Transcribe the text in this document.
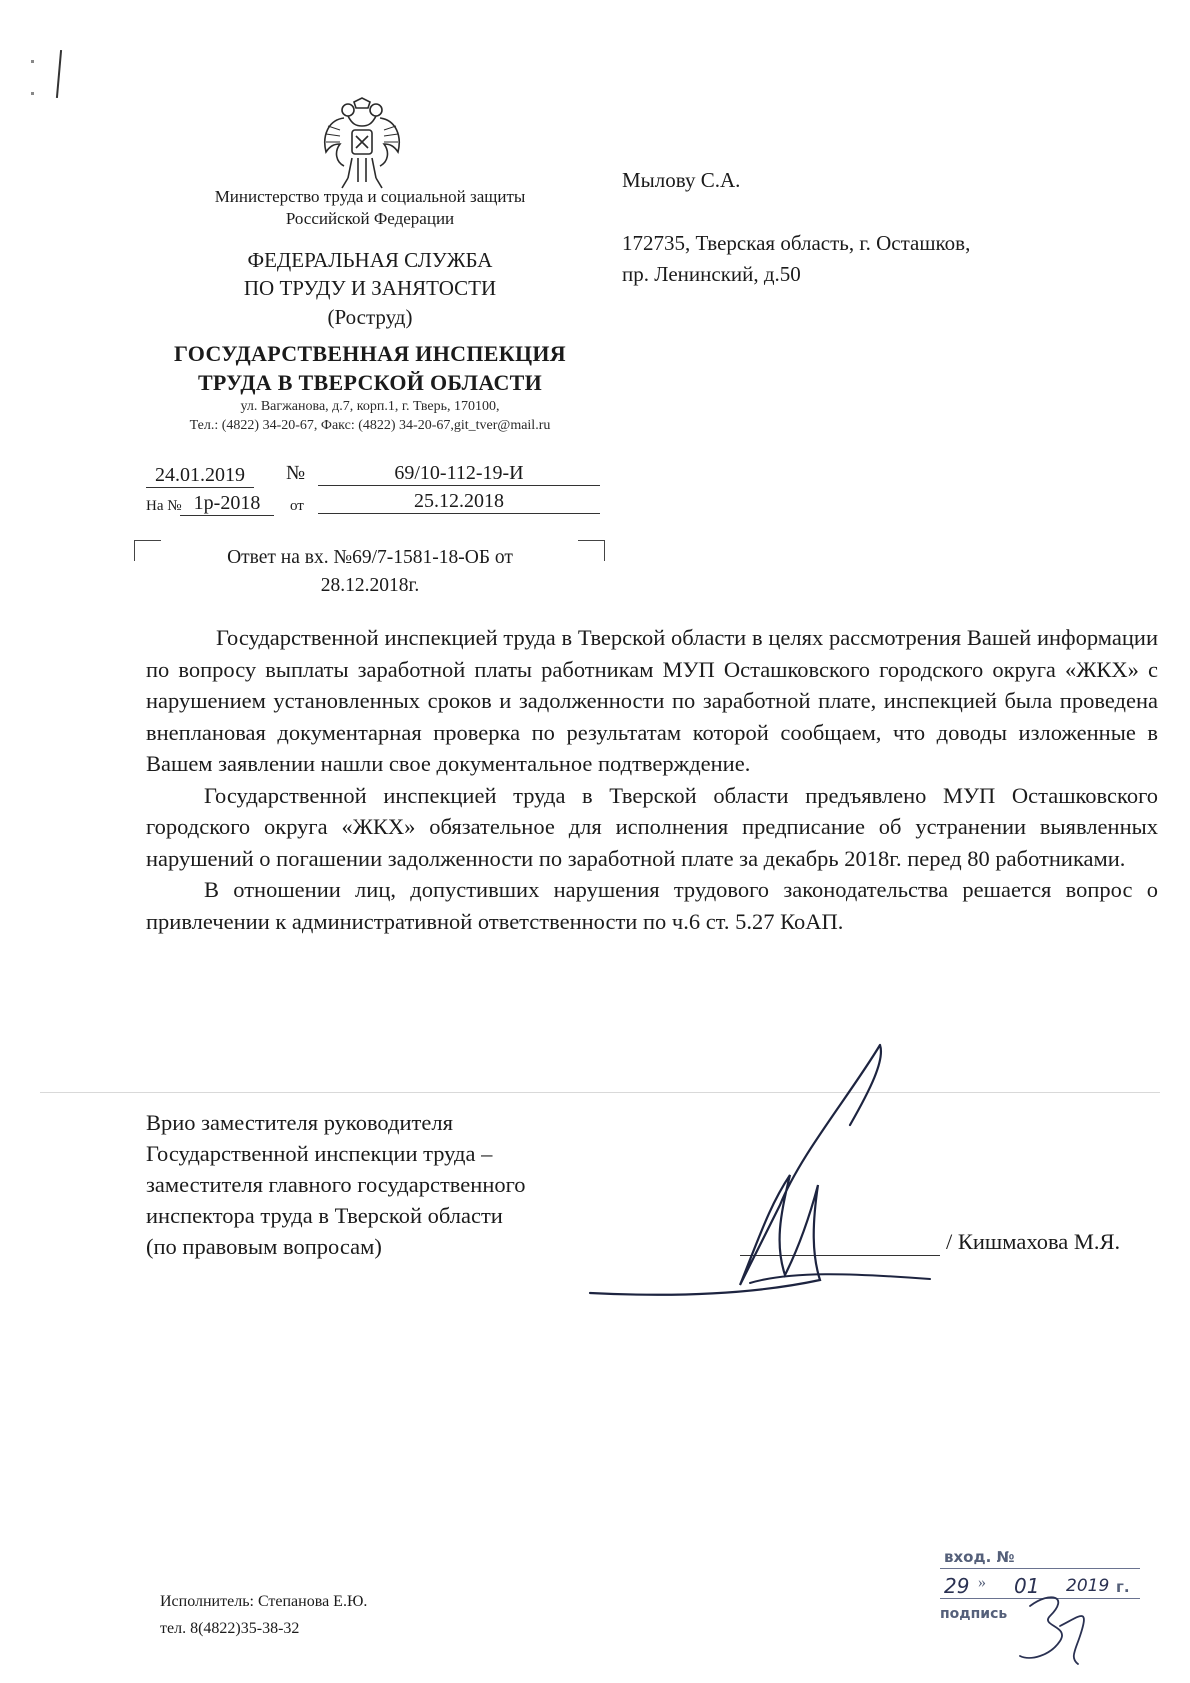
Министерство труда и социальной защиты
Российской Федерации
ФЕДЕРАЛЬНАЯ СЛУЖБА
ПО ТРУДУ И ЗАНЯТОСТИ
(Роструд)
ГОСУДАРСТВЕННАЯ ИНСПЕКЦИЯ
ТРУДА В ТВЕРСКОЙ ОБЛАСТИ
ул. Вагжанова, д.7, корп.1, г. Тверь, 170100,
Тел.: (4822) 34-20-67, Факс: (4822) 34-20-67,git_tver@mail.ru
24.01.2019	№	69/10-112-19-И
На № 1р-2018	от	25.12.2018
Ответ на вх. №69/7-1581-18-ОБ от
28.12.2018г.
Мылову С.А.
172735, Тверская область, г. Осташков,
пр. Ленинский, д.50

Государственной инспекцией труда в Тверской области в целях рассмотрения Вашей информации по вопросу выплаты заработной платы работникам МУП Осташковского городского округа «ЖКХ» с нарушением установленных сроков и задолженности по заработной плате, инспекцией была проведена внеплановая документарная проверка по результатам которой сообщаем, что доводы изложенные в Вашем заявлении нашли свое документальное подтверждение.

Государственной инспекцией труда в Тверской области предъявлено МУП Осташковского городского округа «ЖКХ» обязательное для исполнения предписание об устранении выявленных нарушений о погашении задолженности по заработной плате за декабрь 2018г. перед 80 работниками.

В отношении лиц, допустивших нарушения трудового законодательства решается вопрос о привлечении к административной ответственности по ч.6 ст. 5.27 КоАП.

Врио заместителя руководителя
Государственной инспекции труда –
заместителя главного государственного
инспектора труда в Тверской области
(по правовым вопросам)	/ Кишмахова М.Я.
Исполнитель: Степанова Е.Ю.
тел. 8(4822)35-38-32
вход. №
29 » 01 2019 г.
подпись
